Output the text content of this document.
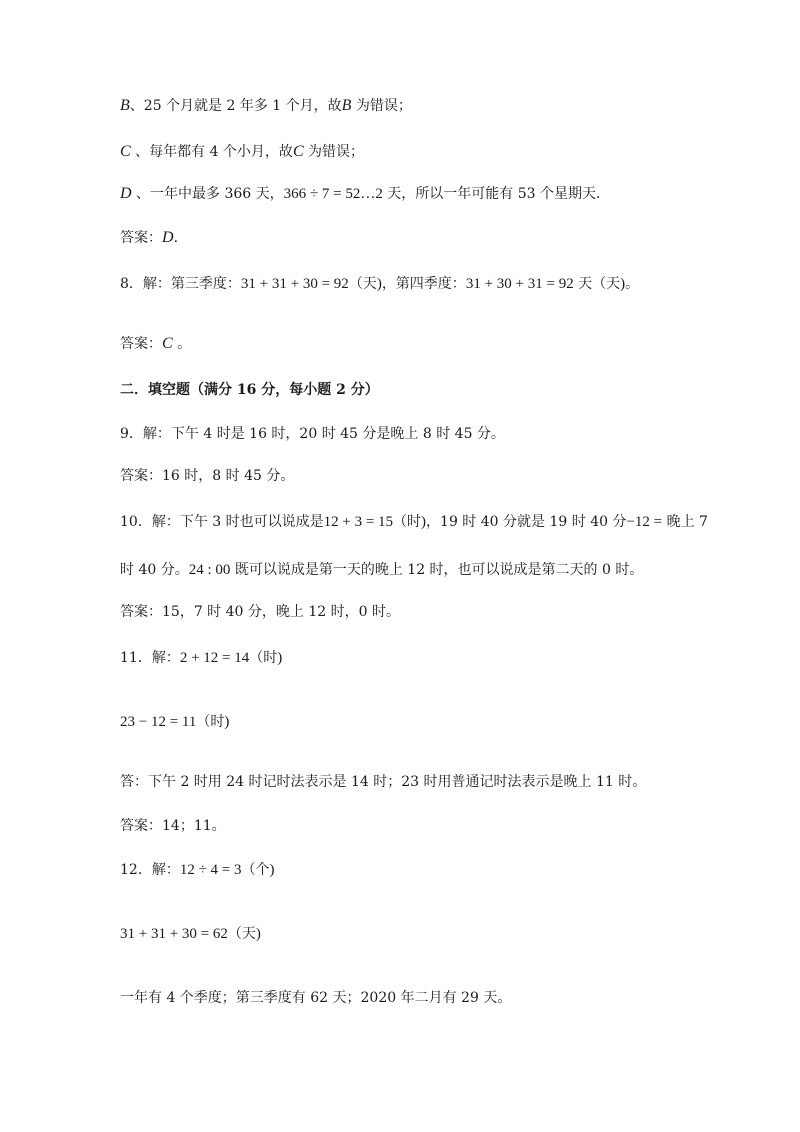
B、25 个月就是 2 年多 1 个月，故B 为错误；
C 、每年都有 4 个小月，故C 为错误；
D 、一年中最多 366 天，366 ÷ 7 = 52…2 天，所以一年可能有 53 个星期天.
答案：D.
8．解：第三季度：31 + 31 + 30 = 92（天)，第四季度：31 + 30 + 31 = 92 天（天)。
答案：C 。
二．填空题（满分 16 分，每小题 2 分）
9．解：下午 4 时是 16 时，20 时 45 分是晚上 8 时 45 分。
答案：16 时，8 时 45 分。
10．解：下午 3 时也可以说成是12 + 3 = 15（时)，19 时 40 分就是 19 时 40 分−12 = 晚上 7
时 40 分。24 : 00 既可以说成是第一天的晚上 12 时，也可以说成是第二天的 0 时。
答案：15，7 时 40 分，晚上 12 时，0 时。
11．解：2 + 12 = 14（时)
23 − 12 = 11（时)
答：下午 2 时用 24 时记时法表示是 14 时；23 时用普通记时法表示是晚上 11 时。
答案：14；11。
12．解：12 ÷ 4 = 3（个)
31 + 31 + 30 = 62（天)
一年有 4 个季度；第三季度有 62 天；2020 年二月有 29 天。
